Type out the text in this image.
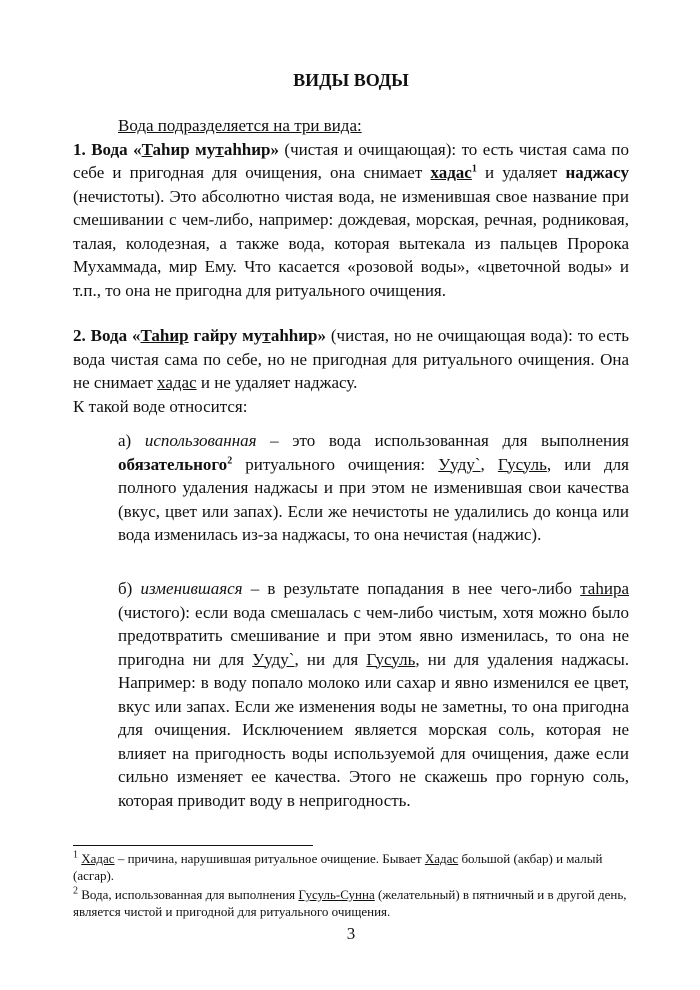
ВИДЫ ВОДЫ

Вода подразделяется на три вида:

1. Вода «Таhир мутаhhир» (чистая и очищающая): то есть чистая сама по себе и пригодная для очищения, она снимает хадас$^1$ и удаляет наджасу (нечистоты). Это абсолютно чистая вода, не изменившая свое название при смешивании с чем-либо, например: дождевая, морская, речная, родниковая, талая, колодезная, а также вода, которая вытекала из пальцев Пророка Мухаммада, мир Ему. Что касается «розовой воды», «цветочной воды» и т.п., то она не пригодна для ритуального очищения.

2. Вода «Таhир гайру мутаhhир» (чистая, но не очищающая вода): то есть вода чистая сама по себе, но не пригодная для ритуального очищения. Она не снимает хадас и не удаляет наджасу.

К такой воде относится:

а) использованная – это вода использованная для выполнения обязательного$^2$ ритуального очищения: Ууду`, Гусуль, или для полного удаления наджасы и при этом не изменившая свои качества (вкус, цвет или запах). Если же нечистоты не удалились до конца или вода изменилась из-за наджасы, то она нечистая (наджис).

б) изменившаяся – в результате попадания в нее чего-либо таhира (чистого): если вода смешалась с чем-либо чистым, хотя можно было предотвратить смешивание и при этом явно изменилась, то она не пригодна ни для Ууду`, ни для Гусуль, ни для удаления наджасы. Например: в воду попало молоко или сахар и явно изменился ее цвет, вкус или запах. Если же изменения воды не заметны, то она пригодна для очищения. Исключением является морская соль, которая не влияет на пригодность воды используемой для очищения, даже если сильно изменяет ее качества. Этого не скажешь про горную соль, которая приводит воду в непригодность.

$^1$ Хадас – причина, нарушившая ритуальное очищение. Бывает Хадас большой (акбар) и малый (асгар).

$^2$ Вода, использованная для выполнения Гусуль-Сунна (желательный) в пятничный и в другой день, является чистой и пригодной для ритуального очищения.

3
